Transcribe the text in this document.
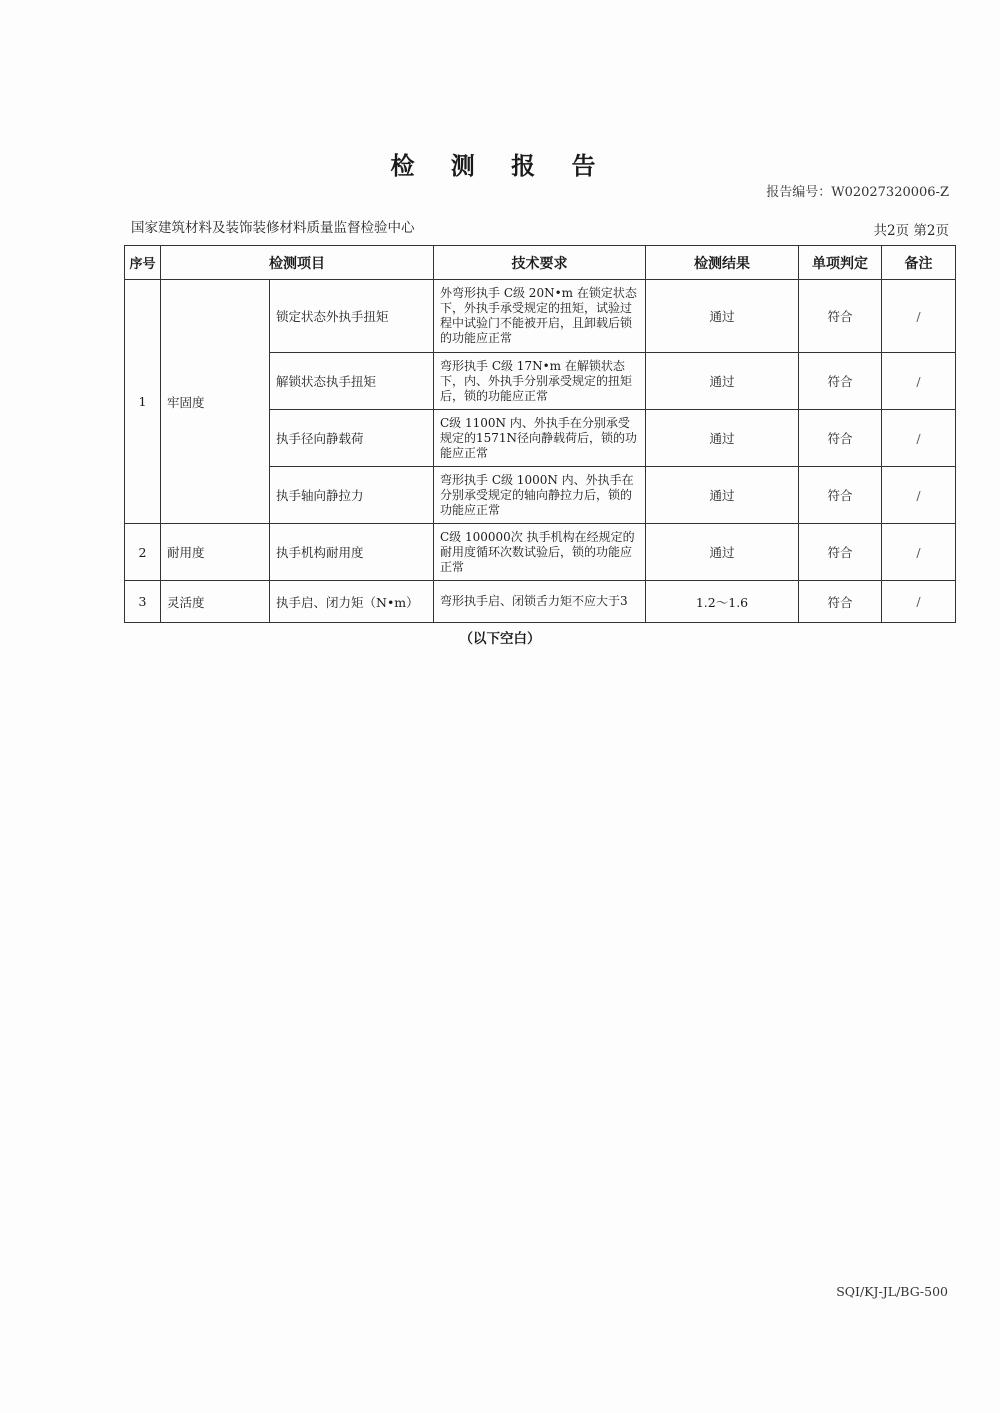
检 测 报 告
报告编号：W02027320006-Z
国家建筑材料及装饰装修材料质量监督检验中心	共2页 第2页
序号	检测项目		技术要求	检测结果	单项判定	备注
1	牢固度	锁定状态外执手扭矩	外弯形执手 C级 20N•m 在锁定状态下，外执手承受规定的扭矩，试验过程中试验门不能被开启，且卸载后锁的功能应正常	通过	符合	/
		解锁状态执手扭矩	弯形执手 C级 17N•m 在解锁状态下，内、外执手分别承受规定的扭矩后，锁的功能应正常	通过	符合	/
		执手径向静载荷	C级 1100N 内、外执手在分别承受规定的1571N径向静载荷后，锁的功能应正常	通过	符合	/
		执手轴向静拉力	弯形执手 C级 1000N 内、外执手在分别承受规定的轴向静拉力后，锁的功能应正常	通过	符合	/
2	耐用度	执手机构耐用度	C级 100000次 执手机构在经规定的耐用度循环次数试验后，锁的功能应正常	通过	符合	/
3	灵活度	执手启、闭力矩（N•m）	弯形执手启、闭锁舌力矩不应大于3	1.2～1.6	符合	/
（以下空白）
SQI/KJ-JL/BG-500
